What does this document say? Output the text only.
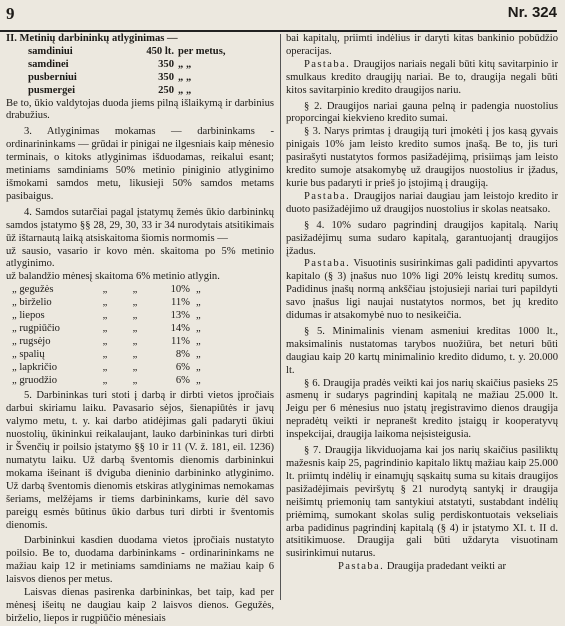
9	Nr. 324

II. Metinių darbininkų atlyginimas —

samdiniui	450 lt. per metus,
samdinei	350 „ „
pusberniui	350 „ „
pusmergei	250 „ „

Be to, ūkio valdytojas duoda jiems pilną išlaikymą ir darbinius drabužius.

3. Atlyginimas mokamas — darbininkams - ordinarininkams — grūdai ir pinigai ne ilgesniais kaip mėnesio terminais, o kitoks atlyginimas išduodamas, reikalui esant; metiniams samdiniams 50% metinio piniginio atlyginimo išmokami samdos metu, likusieji 50% samdos metams pasibaigus.

4. Samdos sutarčiai pagal įstatymų žemės ūkio darbininkų samdos įstatymo §§ 28, 29, 30, 33 ir 34 nurodytais atsitikimais ūž ištarnautą laiką atsiskaitoma šiomis normomis —

už sausio, vasario ir kovo mėn. skaitoma po 5% metinio atlyginimo.

už balandžio mėnesį skaitoma 6% metinio atlygin.

„ gegužės	„	„	10% „
„ birželio	„	„	11% „
„ liepos	„	„	13% „
„ rugpiūčio	„	„	14% „
„ rugsėjo	„	„	11% „
„ spalių	„	„	8% „
„ lapkričio	„	„	6% „
„ gruodžio	„	„	6% „

5. Darbininkas turi stoti į darbą ir dirbti vietos įpročiais darbui skiriamu laiku. Pavasario sėjos, šienapiūtės ir javų valymo metu, t. y. kai darbo atidėjimas gali padaryti ūkiui nuostolių, ūkininkui reikalaujant, lauko darbininkas turi dirbti ir Švenčių ir poilsio įstatymo §§ 10 ir 11 (V. ž. 181, eil. 1236) numatytu laiku. Už darbą šventomis dienomis darbininkui mokama išeinant iš dviguba dieninio darbininko atlyginimo. Už darbą šventomis dienomis etskiras atlyginimas nemokamas šeriams, melžėjams ir tiems darbininkams, kurie dėl savo pareigų esmės būtinus ūkio darbus turi dirbti ir šventomis dienomis.

Darbininkui kasdien duodama vietos įpročiais nustatyto poilsio. Be to, duodama darbininkams - ordinarininkams ne mažiau kaip 12 ir metiniams samdiniams ne mažiau kaip 6 laisvos dienos per metus.

Laisvas dienas pasirenka darbininkas, bet taip, kad per mėnesį išeitų ne daugiau kaip 2 laisvos dienos. Gegužės, birželio, liepos ir rugpiūčio mėnesiais

bai kapitalų, priimti indėlius ir daryti kitas bankinio pobūdžio operacijas.

Pastaba. Draugijos nariais negali būti kitų savitarpinio ir smulkaus kredito draugijų nariai. Be to, draugija negali būti kitos savitarpinio kredito draugijos nariu.

§ 2. Draugijos nariai gauna pelną ir padengia nuostolius proporcingai kiekvieno kredito sumai.

§ 3. Narys primtas į draugiją turi įmokėti į jos kasą gyvais pinigais 10% jam leisto kredito sumos įnašą. Be to, jis turi pasirašyti nustatytos formos pasižadėjimą, prisiimąs jam leisto kredito sumoje atsakomybę už draugijos nuostolius ir įžadus, kurie bus padaryti ir prieš jo įstojimą į draugiją.

Pastaba. Draugijos nariai daugiau jam leistojo kredito ir duoto pasižadėjimo už draugijos nuostolius ir skolas neatsako.

§ 4. 10% sudaro pagrindinį draugijos kapitalą. Narių pasižadėjimų suma sudaro kapitalą, garantuojantį draugijos įžadus.

Pastaba. Visuotinis susirinkimas gali padidinti apyvartos kapitalo (§ 3) įnašus nuo 10% ligi 20% leistų kreditų sumos. Padidinus įnašų normą ankščiau įstojusieji nariai turi papildyti savo įnašus ligi naujai nustatytos normos, bet jų kredito didumas ir atsakomybė nuo to nesikeičia.

§ 5. Minimalinis vienam asmeniui kreditas 1000 lt., maksimalinis nustatomas tarybos nuožiūra, bet neturi būti daugiau kaip 20 kartų minimalinio kredito didumo, t. y. 20.000 lt.

§ 6. Draugija pradės veikti kai jos narių skaičius pasieks 25 asmenų ir sudarys pagrindinį kapitalą ne mažiau 25.000 lt. Jeigu per 6 mėnesius nuo įstatų įregistravimo dienos draugija nepradėtų veikti ir nepranešt kredito įstaigų ir kooperatyvų inspekcijai, draugija laikoma neįsisteigusia.

§ 7. Draugija likviduojama kai jos narių skaičius pasiliktų mažesnis kaip 25, pagrindinio kapitalo liktų mažiau kaip 25.000 lt. priimtų indėlių ir einamųjų sąskaitų suma su kitais draugijos pasižadėjimais peviršytų § 21 nurodytą santykį ir draugija neišimtų priemonių tam santykiui atstatyti, sustabdant indėlių priėmimą, sumokant skolas sulig perdiskontuotais vekseliais arba padidinus pagrindinį kapitalą (§ 4) ir įstatymo XI. t. II d. atsitikimuose. Draugija gali būti uždaryta visuotinam susirinkimui nutarus.

Pastaba. Draugija pradedant veikti ar
